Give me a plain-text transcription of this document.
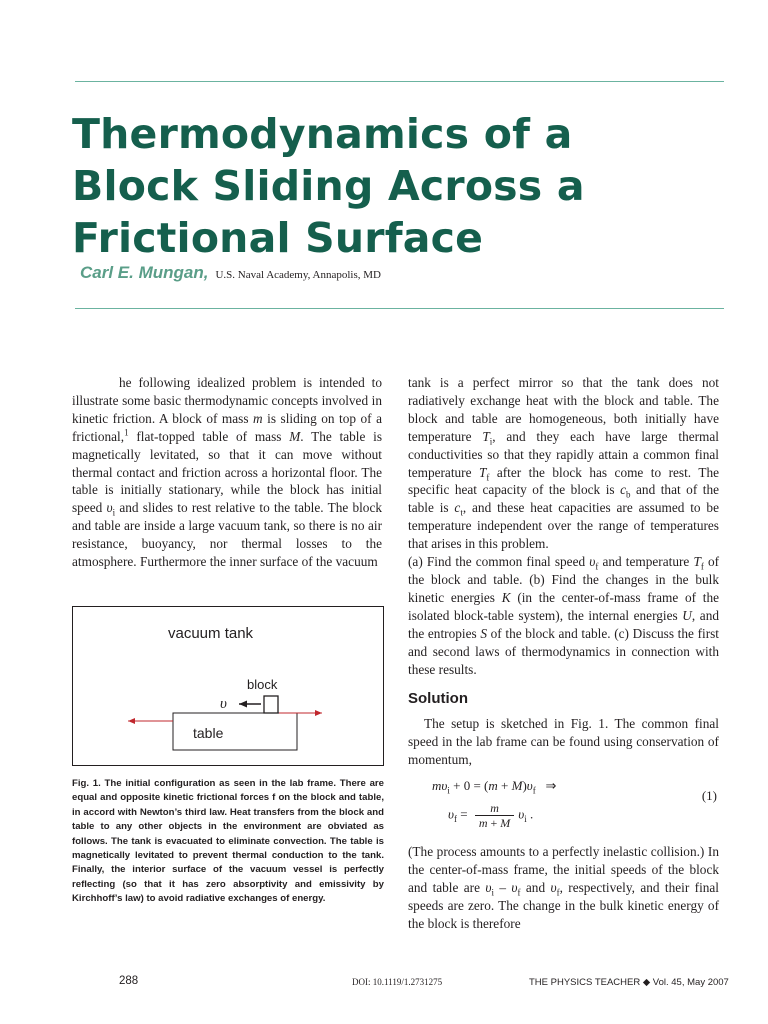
Thermodynamics of a
Block Sliding Across a
Frictional Surface
Carl E. Mungan, U.S. Naval Academy, Annapolis, MD

he following idealized problem is intended to illustrate some basic thermodynamic concepts involved in kinetic friction. A block of mass m is sliding on top of a frictional,$^1$ flat-topped table of mass M. The table is magnetically levitated, so that it can move without thermal contact and friction across a horizontal floor. The table is initially stationary, while the block has initial speed $\upsilon_i$ and slides to rest relative to the table. The block and table are inside a large vacuum tank, so there is no air resistance, buoyancy, nor thermal losses to the atmosphere. Furthermore the inner surface of the vacuum

tank is a perfect mirror so that the tank does not radiatively exchange heat with the block and table. The block and table are homogeneous, both initially have temperature $T_i$, and they each have large thermal conductivities so that they rapidly attain a common final temperature $T_f$ after the block has come to rest. The specific heat capacity of the block is $c_b$ and that of the table is $c_t$, and these heat capacities are assumed to be temperature independent over the range of temperatures that arises in this problem.

(a) Find the common final speed $\upsilon_f$ and temperature $T_f$ of the block and table. (b) Find the changes in the bulk kinetic energies K (in the center-of-mass frame of the isolated block-table system), the internal energies U, and the entropies S of the block and table. (c) Discuss the first and second laws of thermodynamics in connection with these results.

Solution

The setup is sketched in Fig. 1. The common final speed in the lab frame can be found using conservation of momentum,

$m\upsilon_i + 0 = (m + M)\upsilon_f$   ⇒
$\upsilon_f = \frac{m}{m + M} \upsilon_i$ .
(1)

(The process amounts to a perfectly inelastic collision.) In the center-of-mass frame, the initial speeds of the block and table are $\upsilon_i - \upsilon_f$ and $\upsilon_f$, respectively, and their final speeds are zero. The change in the bulk kinetic energy of the block is therefore

vacuum tank
block
υ
table

Fig. 1. The initial configuration as seen in the lab frame. There are equal and opposite kinetic frictional forces f on the block and table, in accord with Newton’s third law. Heat transfers from the block and table to any other objects in the environment are obviated as follows. The tank is evacuated to eliminate convection. The table is magnetically levitated to prevent thermal conduction to the tank. Finally, the interior surface of the vacuum vessel is perfectly reflecting (so that it has zero absorptivity and emissivity by Kirchhoff’s law) to avoid radiative exchanges of energy.

288	DOI: 10.1119/1.2731275	THE PHYSICS TEACHER ◆ Vol. 45, May 2007
